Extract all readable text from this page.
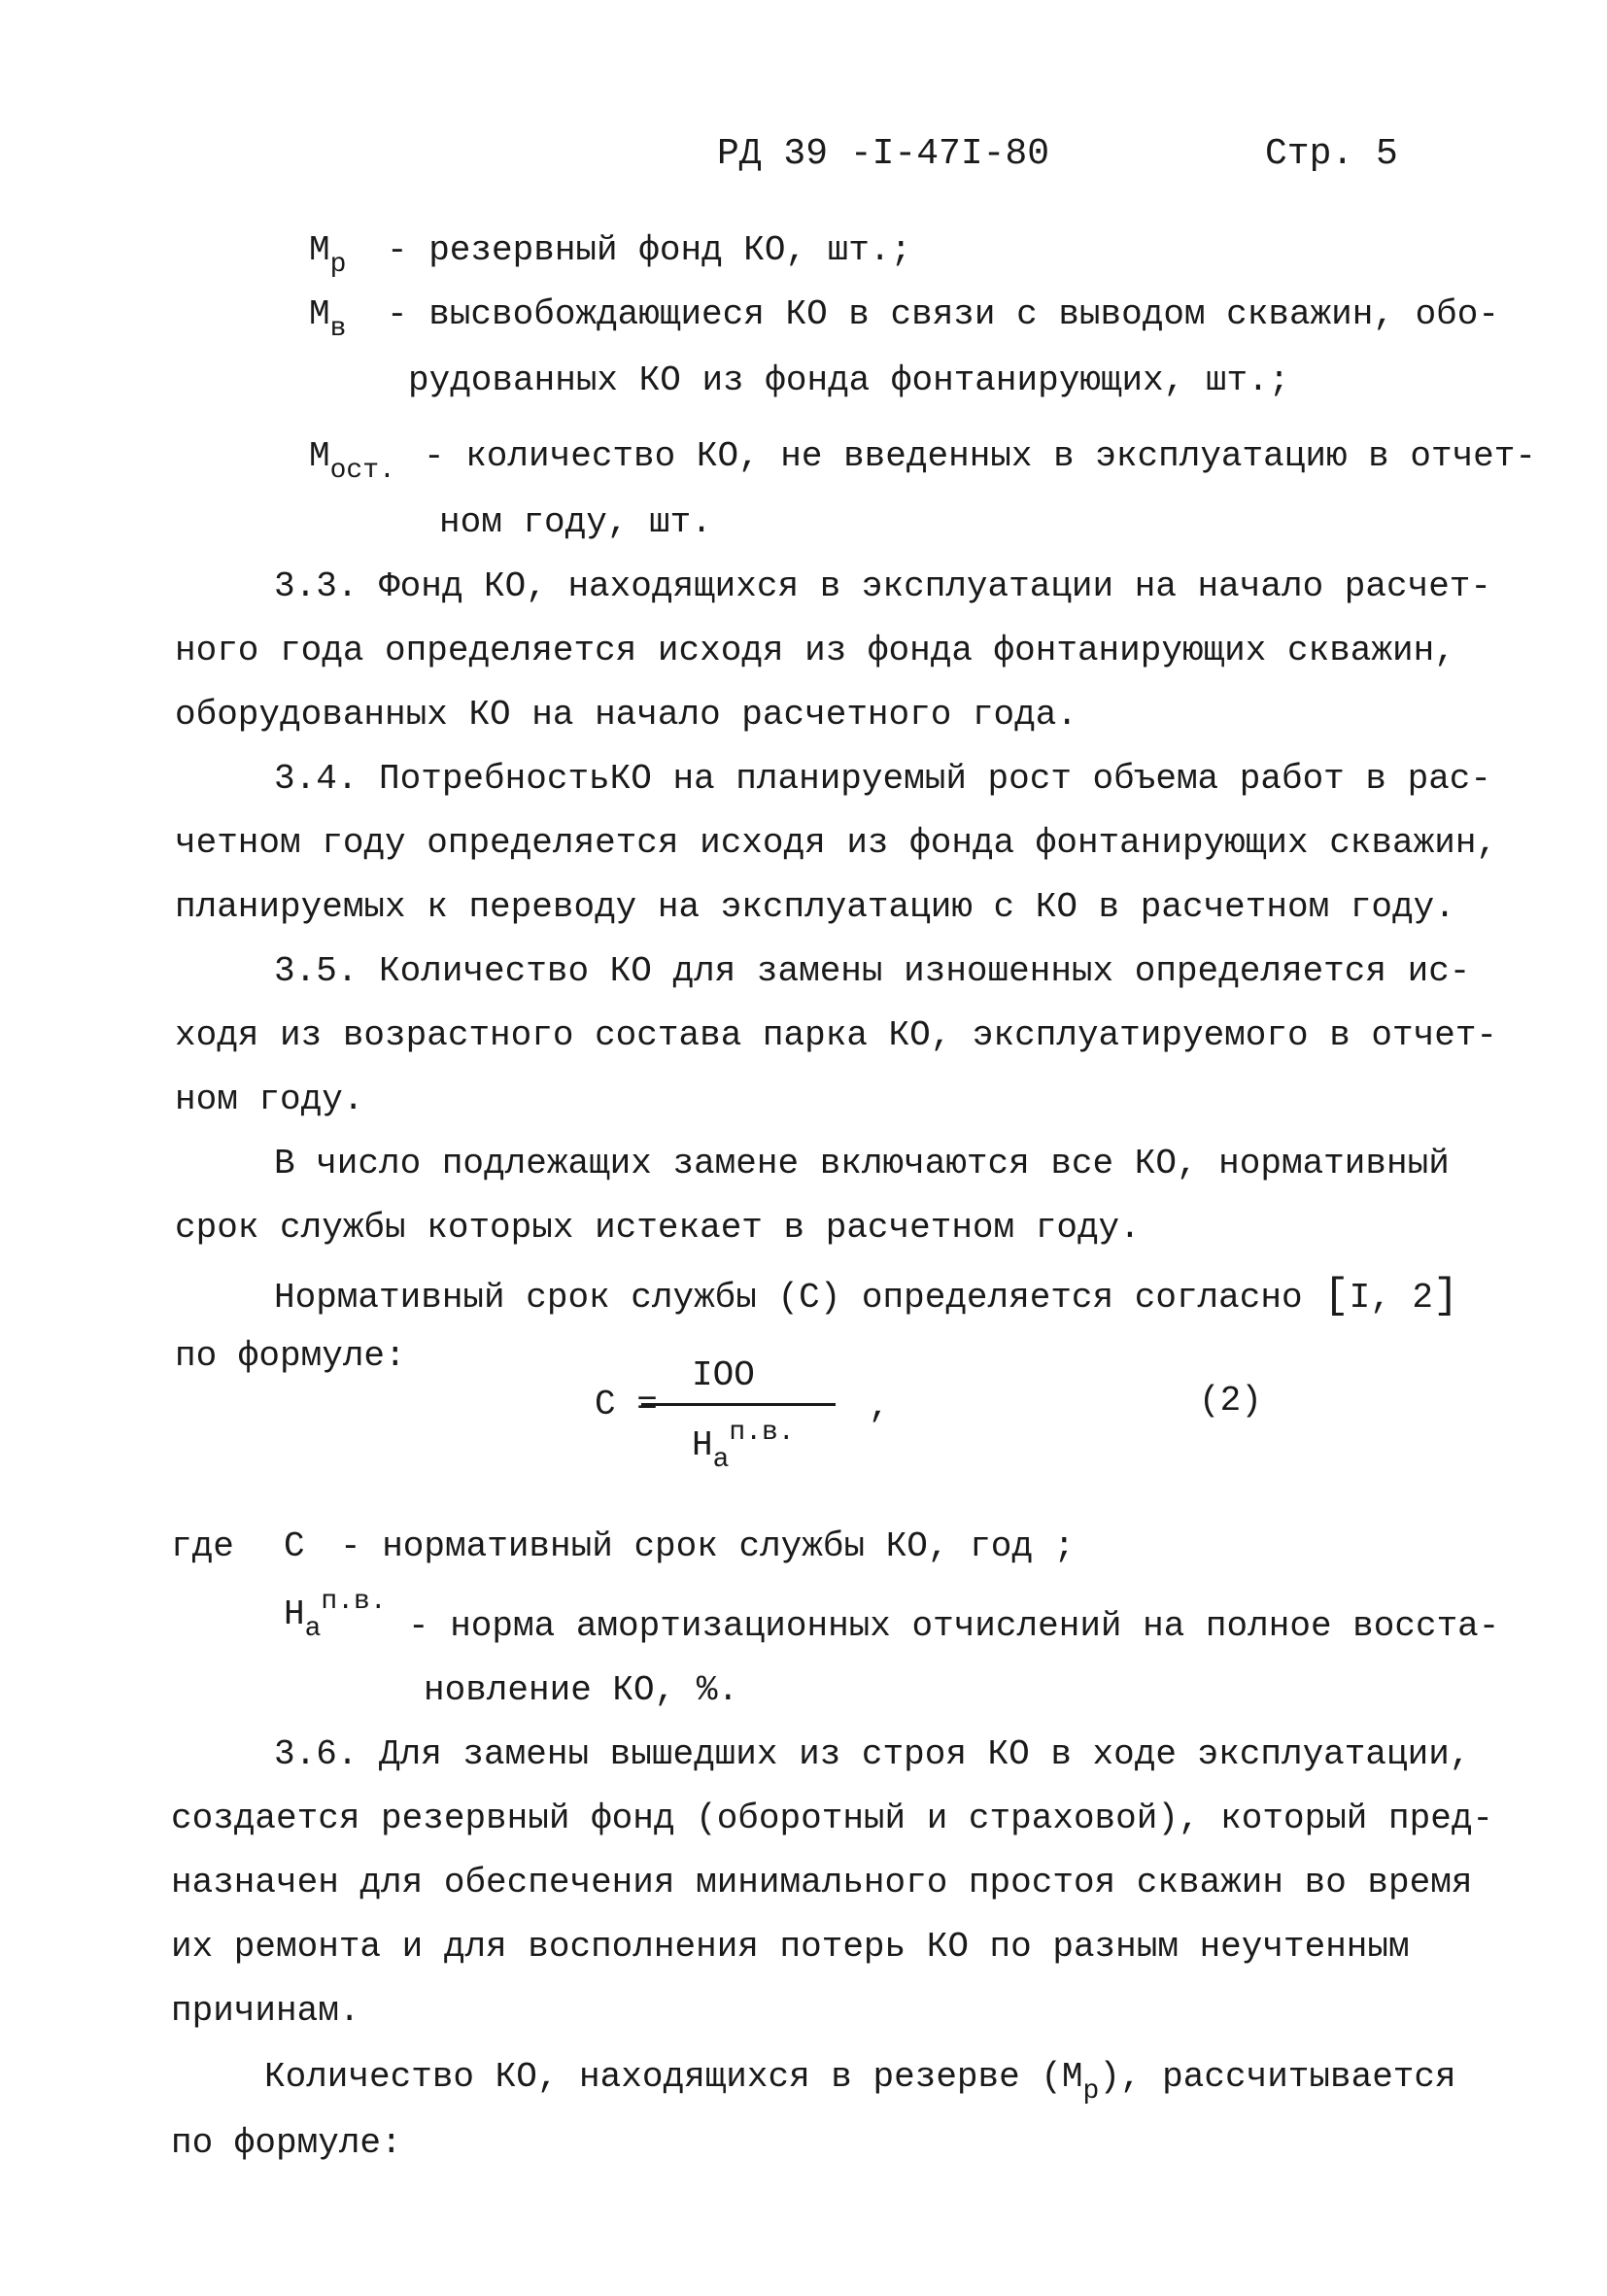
РД 39 -I-47I-80	Стр. 5
$М_р$ - резервный фонд КО, шт.;
$М_в$ - высвобождающиеся КО в связи с выводом скважин, обо-
рудованных КО из фонда фонтанирующих, шт.;
$М_{ост.}$ - количество КО, не введенных в эксплуатацию в отчет-
ном году, шт.
3.3. Фонд КО, находящихся в эксплуатации на начало расчет-
ного года определяется исходя из фонда фонтанирующих скважин,
оборудованных КО на начало расчетного года.
3.4. ПотребностьКО на планируемый рост объема работ в рас-
четном году определяется исходя из фонда фонтанирующих скважин,
планируемых к переводу на эксплуатацию с КО в расчетном году.
3.5. Количество КО для замены изношенных определяется ис-
ходя из возрастного состава парка КО, эксплуатируемого в отчет-
ном году.
В число подлежащих замене включаются все КО, нормативный
срок службы которых истекает в расчетном году.
Нормативный срок службы (С) определяется согласно [I, 2]
по формуле:	IOO
С =
$Н_а^{п.в.}$
,	(2)
где С - нормативный срок службы КО, год ;
$Н_а^{п.в.}$
- норма амортизационных отчислений на полное восста-
новление КО, %.
3.6. Для замены вышедших из строя КО в ходе эксплуатации,
создается резервный фонд (оборотный и страховой), который пред-
назначен для обеспечения минимального простоя скважин во время
их ремонта и для восполнения потерь КО по разным неучтенным
причинам.
Количество КО, находящихся в резерве $(М_р)$, рассчитывается
по формуле:
